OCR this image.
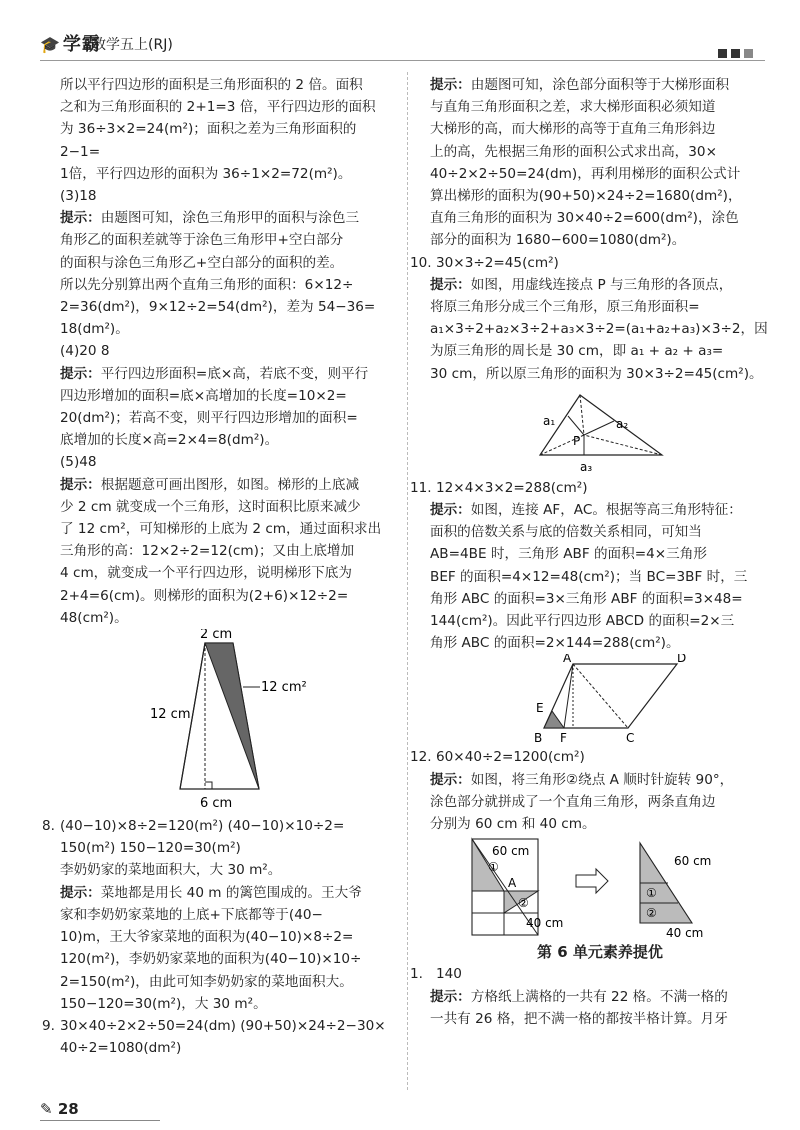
🎓 学霸
数学五上(RJ)

所以平行四边形的面积是三角形面积的 2 倍。面积

之和为三角形面积的 2+1=3 倍，平行四边形的面积

为 36÷3×2=24(m²)；面积之差为三角形面积的 2−1=

1倍，平行四边形的面积为 36÷1×2=72(m²)。

(3)18

提示：由题图可知，涂色三角形甲的面积与涂色三

角形乙的面积差就等于涂色三角形甲+空白部分

的面积与涂色三角形乙+空白部分的面积的差。

所以先分别算出两个直角三角形的面积：6×12÷

2=36(dm²)，9×12÷2=54(dm²)，差为 54−36=

18(dm²)。

(4)20 8

提示：平行四边形面积=底×高，若底不变，则平行

四边形增加的面积=底×高增加的长度=10×2=

20(dm²)；若高不变，则平行四边形增加的面积=

底增加的长度×高=2×4=8(dm²)。

(5)48

提示：根据题意可画出图形，如图。梯形的上底减

少 2 cm 就变成一个三角形，这时面积比原来减少

了 12 cm²，可知梯形的上底为 2 cm，通过面积求出

三角形的高：12×2÷2=12(cm)；又由上底增加

4 cm，就变成一个平行四边形，说明梯形下底为

2+4=6(cm)。则梯形的面积为(2+6)×12÷2=

48(cm²)。

2 cm
12 cm²
12 cm
6 cm

8. (40−10)×8÷2=120(m²) (40−10)×10÷2=

150(m²) 150−120=30(m²)

李奶奶家的菜地面积大，大 30 m²。

提示：菜地都是用长 40 m 的篱笆围成的。王大爷

家和李奶奶家菜地的上底+下底都等于(40−

10)m，王大爷家菜地的面积为(40−10)×8÷2=

120(m²)，李奶奶家菜地的面积为(40−10)×10÷

2=150(m²)，由此可知李奶奶家的菜地面积大。

150−120=30(m²)，大 30 m²。

9. 30×40÷2×2÷50=24(dm) (90+50)×24÷2−30×

40÷2=1080(dm²)

提示：由题图可知，涂色部分面积等于大梯形面积

与直角三角形面积之差，求大梯形面积必须知道

大梯形的高，而大梯形的高等于直角三角形斜边

上的高，先根据三角形的面积公式求出高，30×

40÷2×2÷50=24(dm)，再利用梯形的面积公式计

算出梯形的面积为(90+50)×24÷2=1680(dm²)，

直角三角形的面积为 30×40÷2=600(dm²)，涂色

部分的面积为 1680−600=1080(dm²)。

10. 30×3÷2=45(cm²)

提示：如图，用虚线连接点 P 与三角形的各顶点，

将原三角形分成三个三角形，原三角形面积=

a₁×3÷2+a₂×3÷2+a₃×3÷2=(a₁+a₂+a₃)×3÷2，因

为原三角形的周长是 30 cm，即 a₁ + a₂ + a₃=

30 cm，所以原三角形的面积为 30×3÷2=45(cm²)。

a₁	a₂
P
a₃

11. 12×4×3×2=288(cm²)

提示：如图，连接 AF，AC。根据等高三角形特征：

面积的倍数关系与底的倍数关系相同，可知当

AB=4BE 时，三角形 ABF 的面积=4×三角形

BEF 的面积=4×12=48(cm²)；当 BC=3BF 时，三

角形 ABC 的面积=3×三角形 ABF 的面积=3×48=

144(cm²)。因此平行四边形 ABCD 的面积=2×三

角形 ABC 的面积=2×144=288(cm²)。

A	D
E
B F	C

12. 60×40÷2=1200(cm²)

提示：如图，将三角形②绕点 A 顺时针旋转 90°，

涂色部分就拼成了一个直角三角形，两条直角边

分别为 60 cm 和 40 cm。

①
②
A
60 cm
40 cm
①
②
60 cm
40 cm

第 6 单元素养提优

1. 140

提示：方格纸上满格的一共有 22 格。不满一格的

一共有 26 格，把不满一格的都按半格计算。月牙

✎ 28
